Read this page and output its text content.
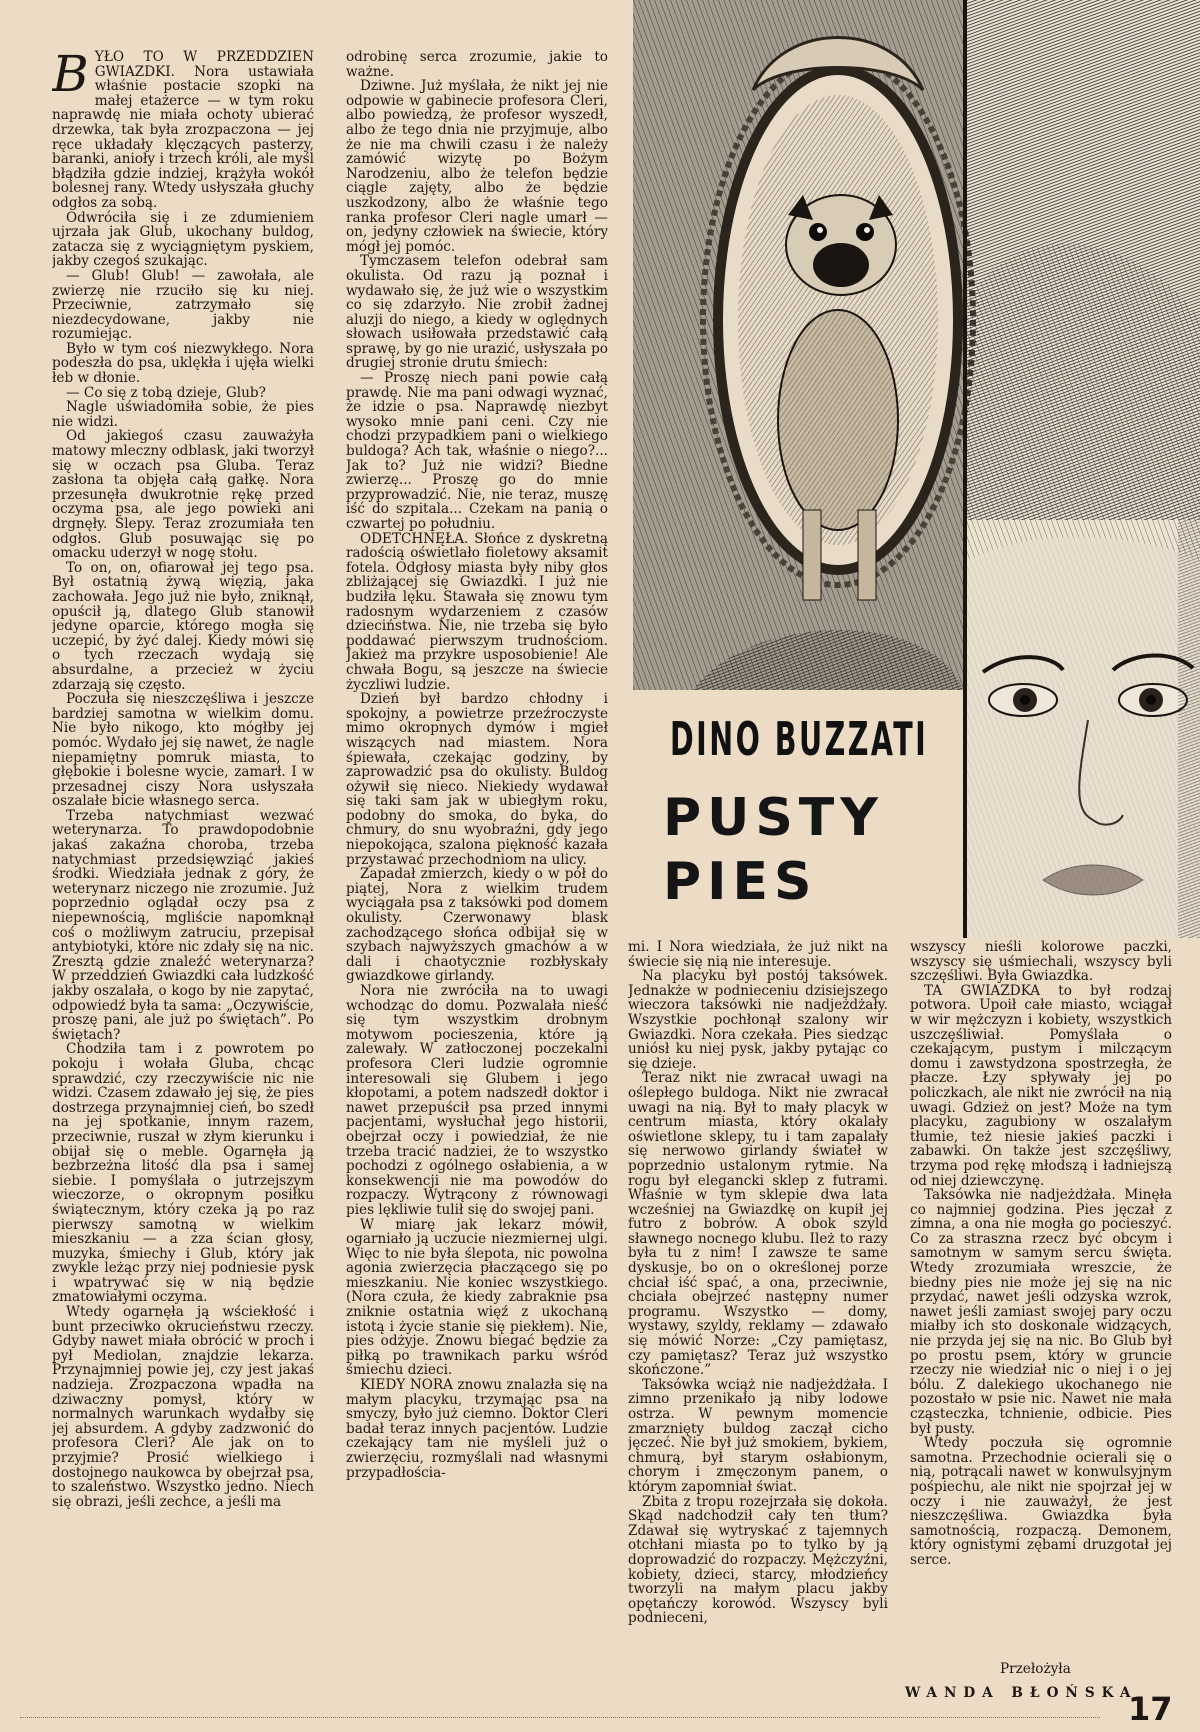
B YŁO TO W PRZEDDZIEŃ GWIAZDKI. Nora ustawiała właśnie postacie szopki na małej etażerce — w tym roku naprawdę nie miała ochoty ubierać drzewka, tak była zrozpaczona — jej ręce układały klęczących pasterzy, baranki, anioły i trzech króli, ale myśl błądziła gdzie indziej, krążyła wokół bolesnej rany. Wtedy usłyszała głuchy odgłos za sobą.

Odwróciła się i ze zdumieniem ujrzała jak Glub, ukochany buldog, zatacza się z wyciągniętym pyskiem, jakby czegoś szukając.

— Glub! Glub! — zawołała, ale zwierzę nie rzuciło się ku niej. Przeciwnie, zatrzymało się niezdecydowane, jakby nie rozumiejąc.

Było w tym coś niezwykłego. Nora podeszła do psa, uklękła i ujęła wielki łeb w dłonie.

— Co się z tobą dzieje, Glub?

Nagle uświadomiła sobie, że pies nie widzi.

Od jakiegoś czasu zauważyła matowy mleczny odblask, jaki tworzył się w oczach psa Gluba. Teraz zasłona ta objęła całą gałkę. Nora przesunęła dwukrotnie rękę przed oczyma psa, ale jego powieki ani drgnęły. Ślepy. Teraz zrozumiała ten odgłos. Glub posuwając się po omacku uderzył w nogę stołu.

To on, on, ofiarował jej tego psa. Był ostatnią żywą więzią, jaka zachowała. Jego już nie było, zniknął, opuścił ją, dlatego Glub stanowił jedyne oparcie, którego mogła się uczepić, by żyć dalej. Kiedy mówi się o tych rzeczach wydają się absurdalne, a przecież w życiu zdarzają się często.

Poczuła się nieszczęśliwa i jeszcze bardziej samotna w wielkim domu. Nie było nikogo, kto mógłby jej pomóc. Wydało jej się nawet, że nagle niepamiętny pomruk miasta, to głębokie i bolesne wycie, zamarł. I w przesadnej ciszy Nora usłyszała oszalałe bicie własnego serca.

Trzeba natychmiast wezwać weterynarza. To prawdopodobnie jakaś zakaźna choroba, trzeba natychmiast przedsięwziąć jakieś środki. Wiedziała jednak z góry, że weterynarz niczego nie zrozumie. Już poprzednio oglądał oczy psa z niepewnością, mgliście napomknął coś o możliwym zatruciu, przepisał antybiotyki, które nic zdały się na nic. Zresztą gdzie znaleźć weterynarza? W przeddzień Gwiazdki cała ludzkość jakby oszalała, o kogo by nie zapytać, odpowiedź była ta sama: „Oczywiście, proszę pani, ale już po świętach”. Po świętach?

Chodziła tam i z powrotem po pokoju i wołała Gluba, chcąc sprawdzić, czy rzeczywiście nic nie widzi. Czasem zdawało jej się, że pies dostrzega przynajmniej cień, bo szedł na jej spotkanie, innym razem, przeciwnie, ruszał w złym kierunku i obijał się o meble. Ogarnęła ją bezbrzeżna litość dla psa i samej siebie. I pomyślała o jutrzejszym wieczorze, o okropnym posiłku świątecznym, który czeka ją po raz pierwszy samotną w wielkim mieszkaniu — a zza ścian głosy, muzyka, śmiechy i Glub, który jak zwykle leżąc przy niej podniesie pysk i wpatrywać się w nią będzie zmatowiałymi oczyma.

Wtedy ogarnęła ją wściekłość i bunt przeciwko okrucieństwu rzeczy. Gdyby nawet miała obrócić w proch i pył Mediolan, znajdzie lekarza. Przynajmniej powie jej, czy jest jakaś nadzieja. Zrozpaczona wpadła na dziwaczny pomysł, który w normalnych warunkach wydałby się jej absurdem. A gdyby zadzwonić do profesora Cleri? Ale jak on to przyjmie? Prosić wielkiego i dostojnego naukowca by obejrzał psa, to szaleństwo. Wszystko jedno. Niech się obrazi, jeśli zechce, a jeśli ma

odrobinę serca zrozumie, jakie to ważne.

Dziwne. Już myślała, że nikt jej nie odpowie w gabinecie profesora Cleri, albo powiedzą, że profesor wyszedł, albo że tego dnia nie przyjmuje, albo że nie ma chwili czasu i że należy zamówić wizytę po Bożym Narodzeniu, albo że telefon będzie ciągle zajęty, albo że będzie uszkodzony, albo że właśnie tego ranka profesor Cleri nagle umarł — on, jedyny człowiek na świecie, który mógł jej pomóc.

Tymczasem telefon odebrał sam okulista. Od razu ją poznał i wydawało się, że już wie o wszystkim co się zdarzyło. Nie zrobił żadnej aluzji do niego, a kiedy w oględnych słowach usiłowała przedstawić całą sprawę, by go nie urazić, usłyszała po drugiej stronie drutu śmiech:

— Proszę niech pani powie całą prawdę. Nie ma pani odwagi wyznać, że idzie o psa. Naprawdę niezbyt wysoko mnie pani ceni. Czy nie chodzi przypadkiem pani o wielkiego buldoga? Ach tak, właśnie o niego?... Jak to? Już nie widzi? Biedne zwierzę... Proszę go do mnie przyprowadzić. Nie, nie teraz, muszę iść do szpitala... Czekam na panią o czwartej po południu.

ODETCHNĘŁA. Słońce z dyskretną radością oświetlało fioletowy aksamit fotela. Odgłosy miasta były niby głos zbliżającej się Gwiazdki. I już nie budziła lęku. Stawała się znowu tym radosnym wydarzeniem z czasów dzieciństwa. Nie, nie trzeba się było poddawać pierwszym trudnościom. Jakież ma przykre usposobienie! Ale chwała Bogu, są jeszcze na świecie życzliwi ludzie.

Dzień był bardzo chłodny i spokojny, a powietrze przeźroczyste mimo okropnych dymów i mgieł wiszących nad miastem. Nora śpiewała, czekając godziny, by zaprowadzić psa do okulisty. Buldog ożywił się nieco. Niekiedy wydawał się taki sam jak w ubiegłym roku, podobny do smoka, do byka, do chmury, do snu wyobraźni, gdy jego niepokojąca, szalona piękność kazała przystawać przechodniom na ulicy.

Zapadał zmierzch, kiedy o w pół do piątej, Nora z wielkim trudem wyciągała psa z taksówki pod domem okulisty. Czerwonawy blask zachodzącego słońca odbijał się w szybach najwyższych gmachów a w dali i chaotycznie rozbłyskały gwiazdkowe girlandy.

Nora nie zwróciła na to uwagi wchodząc do domu. Pozwalała nieść się tym wszystkim drobnym motywom pocieszenia, które ją zalewały. W zatłoczonej poczekalni profesora Cleri ludzie ogromnie interesowali się Glubem i jego kłopotami, a potem nadszedł doktor i nawet przepuścił psa przed innymi pacjentami, wysłuchał jego historii, obejrzał oczy i powiedział, że nie trzeba tracić nadziei, że to wszystko pochodzi z ogólnego osłabienia, a w konsekwencji nie ma powodów do rozpaczy. Wytrącony z równowagi pies lękliwie tulił się do swojej pani.

W miarę jak lekarz mówił, ogarniało ją uczucie niezmiernej ulgi. Więc to nie była ślepota, nic powolna agonia zwierzęcia płaczącego się po mieszkaniu. Nie koniec wszystkiego. (Nora czuła, że kiedy zabraknie psa zniknie ostatnia więź z ukochaną istotą i życie stanie się piekłem). Nie, pies odżyje. Znowu biegać będzie za piłką po trawnikach parku wśród śmiechu dzieci.

KIEDY NORA znowu znalazła się na małym placyku, trzymając psa na smyczy, było już ciemno. Doktor Cleri badał teraz innych pacjentów. Ludzie czekający tam nie myśleli już o zwierzęciu, rozmyślali nad własnymi przypadłościa-

DINO BUZZATI
PUSTY
PIES

mi. I Nora wiedziała, że już nikt na świecie się nią nie interesuje.

Na placyku był postój taksówek. Jednakże w podnieceniu dzisiejszego wieczora taksówki nie nadjeżdżały. Wszystkie pochłonął szalony wir Gwiazdki. Nora czekała. Pies siedząc uniósł ku niej pysk, jakby pytając co się dzieje.

Teraz nikt nie zwracał uwagi na oślepłego buldoga. Nikt nie zwracał uwagi na nią. Był to mały placyk w centrum miasta, który okalały oświetlone sklepy, tu i tam zapalały się nerwowo girlandy świateł w poprzednio ustalonym rytmie. Na rogu był elegancki sklep z futrami. Właśnie w tym sklepie dwa lata wcześniej na Gwiazdkę on kupił jej futro z bobrów. A obok szyld sławnego nocnego klubu. Ileż to razy była tu z nim! I zawsze te same dyskusje, bo on o określonej porze chciał iść spać, a ona, przeciwnie, chciała obejrzeć następny numer programu. Wszystko — domy, wystawy, szyldy, reklamy — zdawało się mówić Norze: „Czy pamiętasz, czy pamiętasz? Teraz już wszystko skończone.”

Taksówka wciąż nie nadjeżdżała. I zimno przenikało ją niby lodowe ostrza. W pewnym momencie zmarznięty buldog zaczął cicho jęczeć. Nie był już smokiem, bykiem, chmurą, był starym osłabionym, chorym i zmęczonym panem, o którym zapomniał świat.

Zbita z tropu rozejrzała się dokoła. Skąd nadchodził cały ten tłum? Zdawał się wytryskać z tajemnych otchłani miasta po to tylko by ją doprowadzić do rozpaczy. Mężczyźni, kobiety, dzieci, starcy, młodzieńcy tworzyli na małym placu jakby opętańczy korowód. Wszyscy byli podnieceni,

wszyscy nieśli kolorowe paczki, wszyscy się uśmiechali, wszyscy byli szczęśliwi. Była Gwiazdka.

TA GWIAZDKA to był rodzaj potwora. Upoił całe miasto, wciągał w wir mężczyzn i kobiety, wszystkich uszczęśliwiał. Pomyślała o czekającym, pustym i milczącym domu i zawstydzona spostrzegła, że płacze. Łzy spływały jej po policzkach, ale nikt nie zwrócił na nią uwagi. Gdzież on jest? Może na tym placyku, zagubiony w oszalałym tłumie, też niesie jakieś paczki i zabawki. On także jest szczęśliwy, trzyma pod rękę młodszą i ładniejszą od niej dziewczynę.

Taksówka nie nadjeżdżała. Minęła co najmniej godzina. Pies jęczał z zimna, a ona nie mogła go pocieszyć. Co za straszna rzecz być obcym i samotnym w samym sercu święta. Wtedy zrozumiała wreszcie, że biedny pies nie może jej się na nic przydać, nawet jeśli odzyska wzrok, nawet jeśli zamiast swojej pary oczu miałby ich sto doskonale widzących, nie przyda jej się na nic. Bo Glub był po prostu psem, który w gruncie rzeczy nie wiedział nic o niej i o jej bólu. Z dalekiego ukochanego nie pozostało w psie nic. Nawet nie mała cząsteczka, tchnienie, odbicie. Pies był pusty.

Wtedy poczuła się ogromnie samotna. Przechodnie ocierali się o nią, potrącali nawet w konwulsyjnym pośpiechu, ale nikt nie spojrzał jej w oczy i nie zauważył, że jest nieszczęśliwa. Gwiazdka była samotnością, rozpaczą. Demonem, który ognistymi zębami druzgotał jej serce.

Przełożyła
WANDA BŁOŃSKA
17
